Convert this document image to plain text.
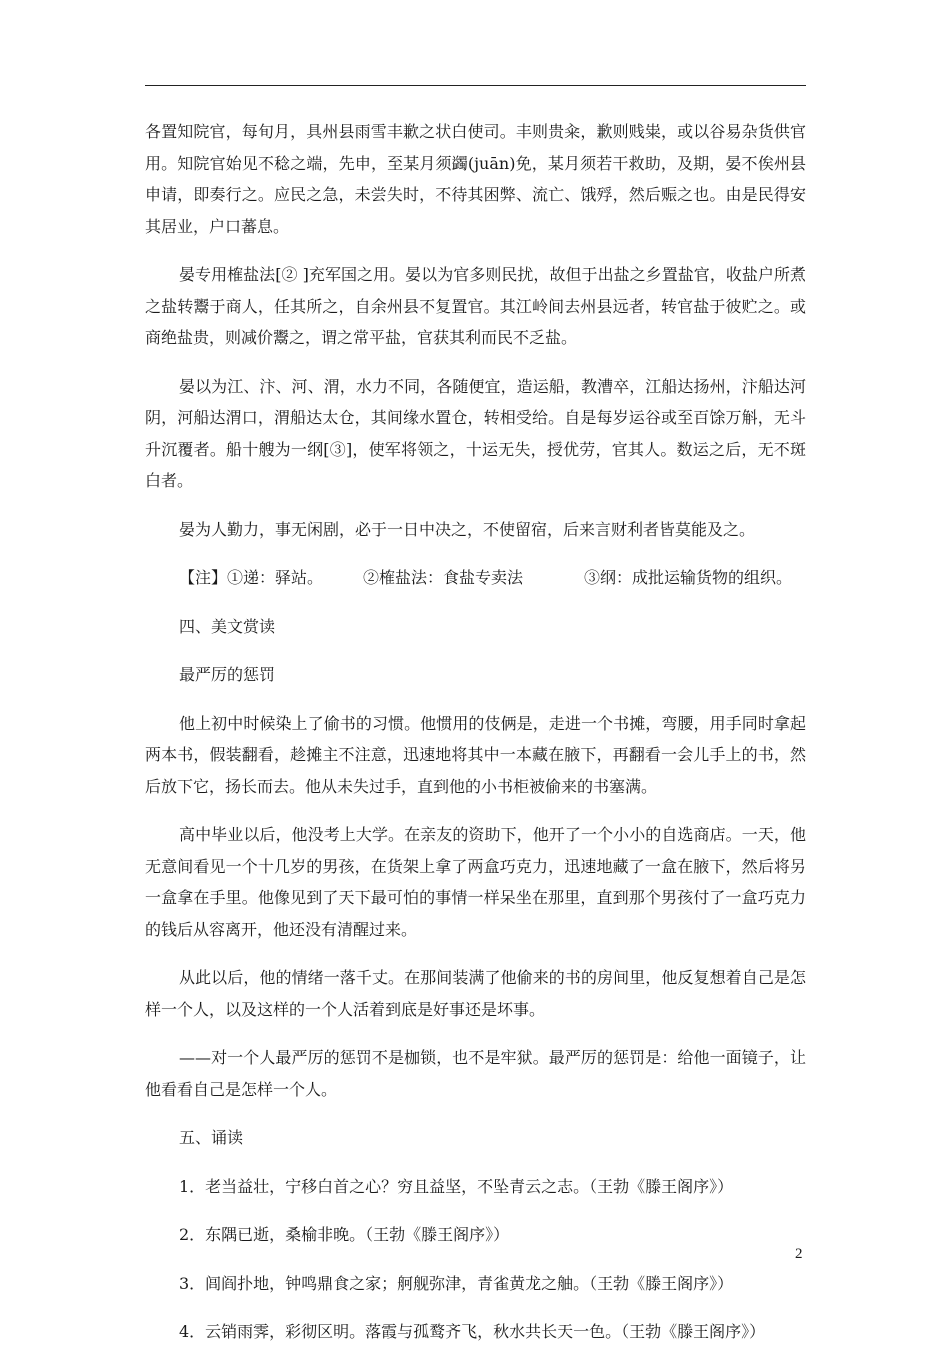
各置知院官，每旬月，具州县雨雪丰歉之状白使司。丰则贵籴，歉则贱粜，或以谷易杂货供官用。知院官始见不稔之端，先申，至某月须蠲(juān)免，某月须若干救助，及期，晏不俟州县申请，即奏行之。应民之急，未尝失时，不待其困弊、流亡、饿殍，然后赈之也。由是民得安其居业，户口蕃息。

晏专用榷盐法[② ]充军国之用。晏以为官多则民扰，故但于出盐之乡置盐官，收盐户所煮之盐转鬻于商人，任其所之，自余州县不复置官。其江岭间去州县远者，转官盐于彼贮之。或商绝盐贵，则减价鬻之，谓之常平盐，官获其利而民不乏盐。

晏以为江、汴、河、渭，水力不同，各随便宜，造运船，教漕卒，江船达扬州，汴船达河阴，河船达渭口，渭船达太仓，其间缘水置仓，转相受给。自是每岁运谷或至百馀万斛，无斗升沉覆者。船十艘为一纲[③]，使军将领之，十运无失，授优劳，官其人。数运之后，无不斑白者。

晏为人勤力，事无闲剧，必于一日中决之，不使留宿，后来言财利者皆莫能及之。

【注】①递：驿站。 ②榷盐法：食盐专卖法	③纲：成批运输货物的组织。

四、美文赏读

最严厉的惩罚

他上初中时候染上了偷书的习惯。他惯用的伎俩是，走进一个书摊，弯腰，用手同时拿起两本书，假装翻看，趁摊主不注意，迅速地将其中一本藏在腋下，再翻看一会儿手上的书，然后放下它，扬长而去。他从未失过手，直到他的小书柜被偷来的书塞满。

高中毕业以后，他没考上大学。在亲友的资助下，他开了一个小小的自选商店。一天，他无意间看见一个十几岁的男孩，在货架上拿了两盒巧克力，迅速地藏了一盒在腋下，然后将另一盒拿在手里。他像见到了天下最可怕的事情一样呆坐在那里，直到那个男孩付了一盒巧克力的钱后从容离开，他还没有清醒过来。

从此以后，他的情绪一落千丈。在那间装满了他偷来的书的房间里，他反复想着自己是怎样一个人，以及这样的一个人活着到底是好事还是坏事。

——对一个人最严厉的惩罚不是枷锁，也不是牢狱。最严厉的惩罚是：给他一面镜子，让他看看自己是怎样一个人。

五、诵读

1．老当益壮，宁移白首之心？穷且益坚，不坠青云之志。（王勃《滕王阁序》）

2．东隅已逝，桑榆非晚。（王勃《滕王阁序》）

3．闾阎扑地，钟鸣鼎食之家；舸舰弥津，青雀黄龙之舳。（王勃《滕王阁序》）

4．云销雨霁，彩彻区明。落霞与孤鹜齐飞，秋水共长天一色。（王勃《滕王阁序》）

2
